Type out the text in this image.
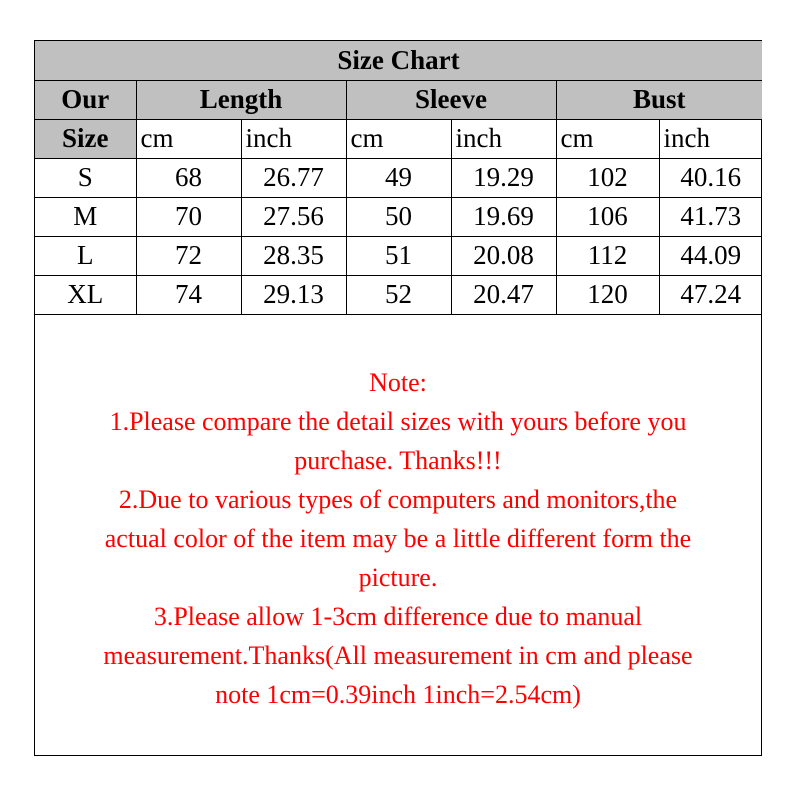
Size Chart						
Our	Length		Sleeve		Bust	
Size	cm	inch	cm	inch	cm	inch
S	68	26.77	49	19.29	102	40.16
M	70	27.56	50	19.69	106	41.73
L	72	28.35	51	20.08	112	44.09
XL	74	29.13	52	20.47	120	47.24
Note:
1.Please compare the detail sizes with yours before you
purchase. Thanks!!!
2.Due to various types of computers and monitors,the
actual color of the item may be a little different form the
picture.
3.Please allow 1-3cm difference due to manual
measurement.Thanks(All measurement in cm and please
note 1cm=0.39inch 1inch=2.54cm)
